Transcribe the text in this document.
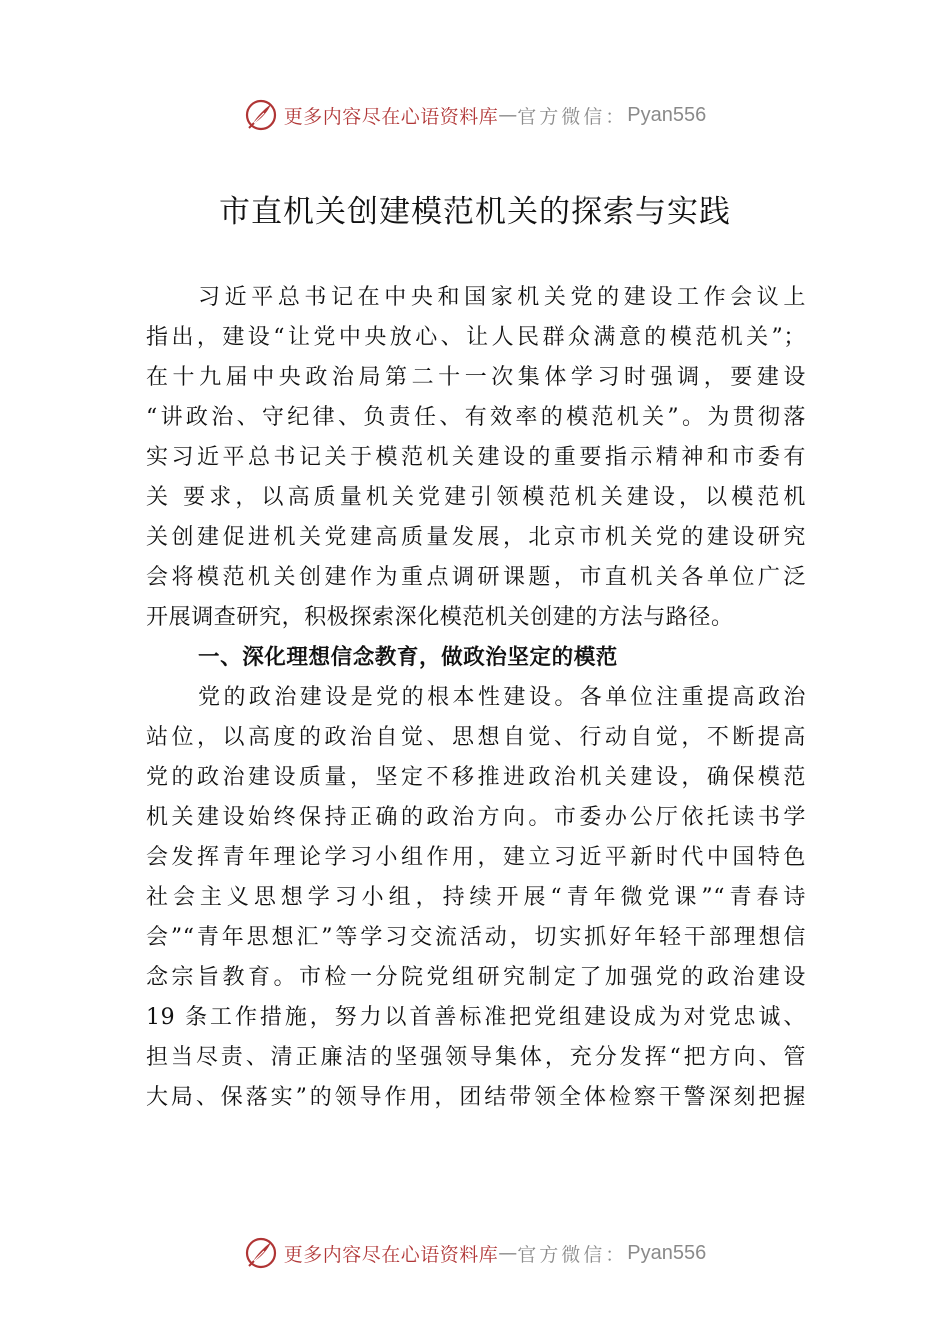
更多内容尽在心语资料库 — 官方微信： Pyan556
市直机关创建模范机关的探索与实践
习近平总书记在中央和国家机关党的建设工作会议上
指出，建设“让党中央放心、让人民群众满意的模范机关”；
在十九届中央政治局第二十一次集体学习时强调，要建设
“讲政治、守纪律、负责任、有效率的模范机关”。为贯彻落
实习近平总书记关于模范机关建设的重要指示精神和市委有
关 要求，以高质量机关党建引领模范机关建设，以模范机
关创建促进机关党建高质量发展，北京市机关党的建设研究
会将模范机关创建作为重点调研课题，市直机关各单位广泛
开展调查研究，积极探索深化模范机关创建的方法与路径。
一、深化理想信念教育，做政治坚定的模范
党的政治建设是党的根本性建设。各单位注重提高政治
站位，以高度的政治自觉、思想自觉、行动自觉，不断提高
党的政治建设质量，坚定不移推进政治机关建设，确保模范
机关建设始终保持正确的政治方向。市委办公厅依托读书学
会发挥青年理论学习小组作用，建立习近平新时代中国特色
社会主义思想学习小组，持续开展“青年微党课”“青春诗
会”“青年思想汇”等学习交流活动，切实抓好年轻干部理想信
念宗旨教育。市检一分院党组研究制定了加强党的政治建设
19 条工作措施，努力以首善标准把党组建设成为对党忠诚、
担当尽责、清正廉洁的坚强领导集体，充分发挥“把方向、管
大局、保落实”的领导作用，团结带领全体检察干警深刻把握
更多内容尽在心语资料库 — 官方微信： Pyan556
